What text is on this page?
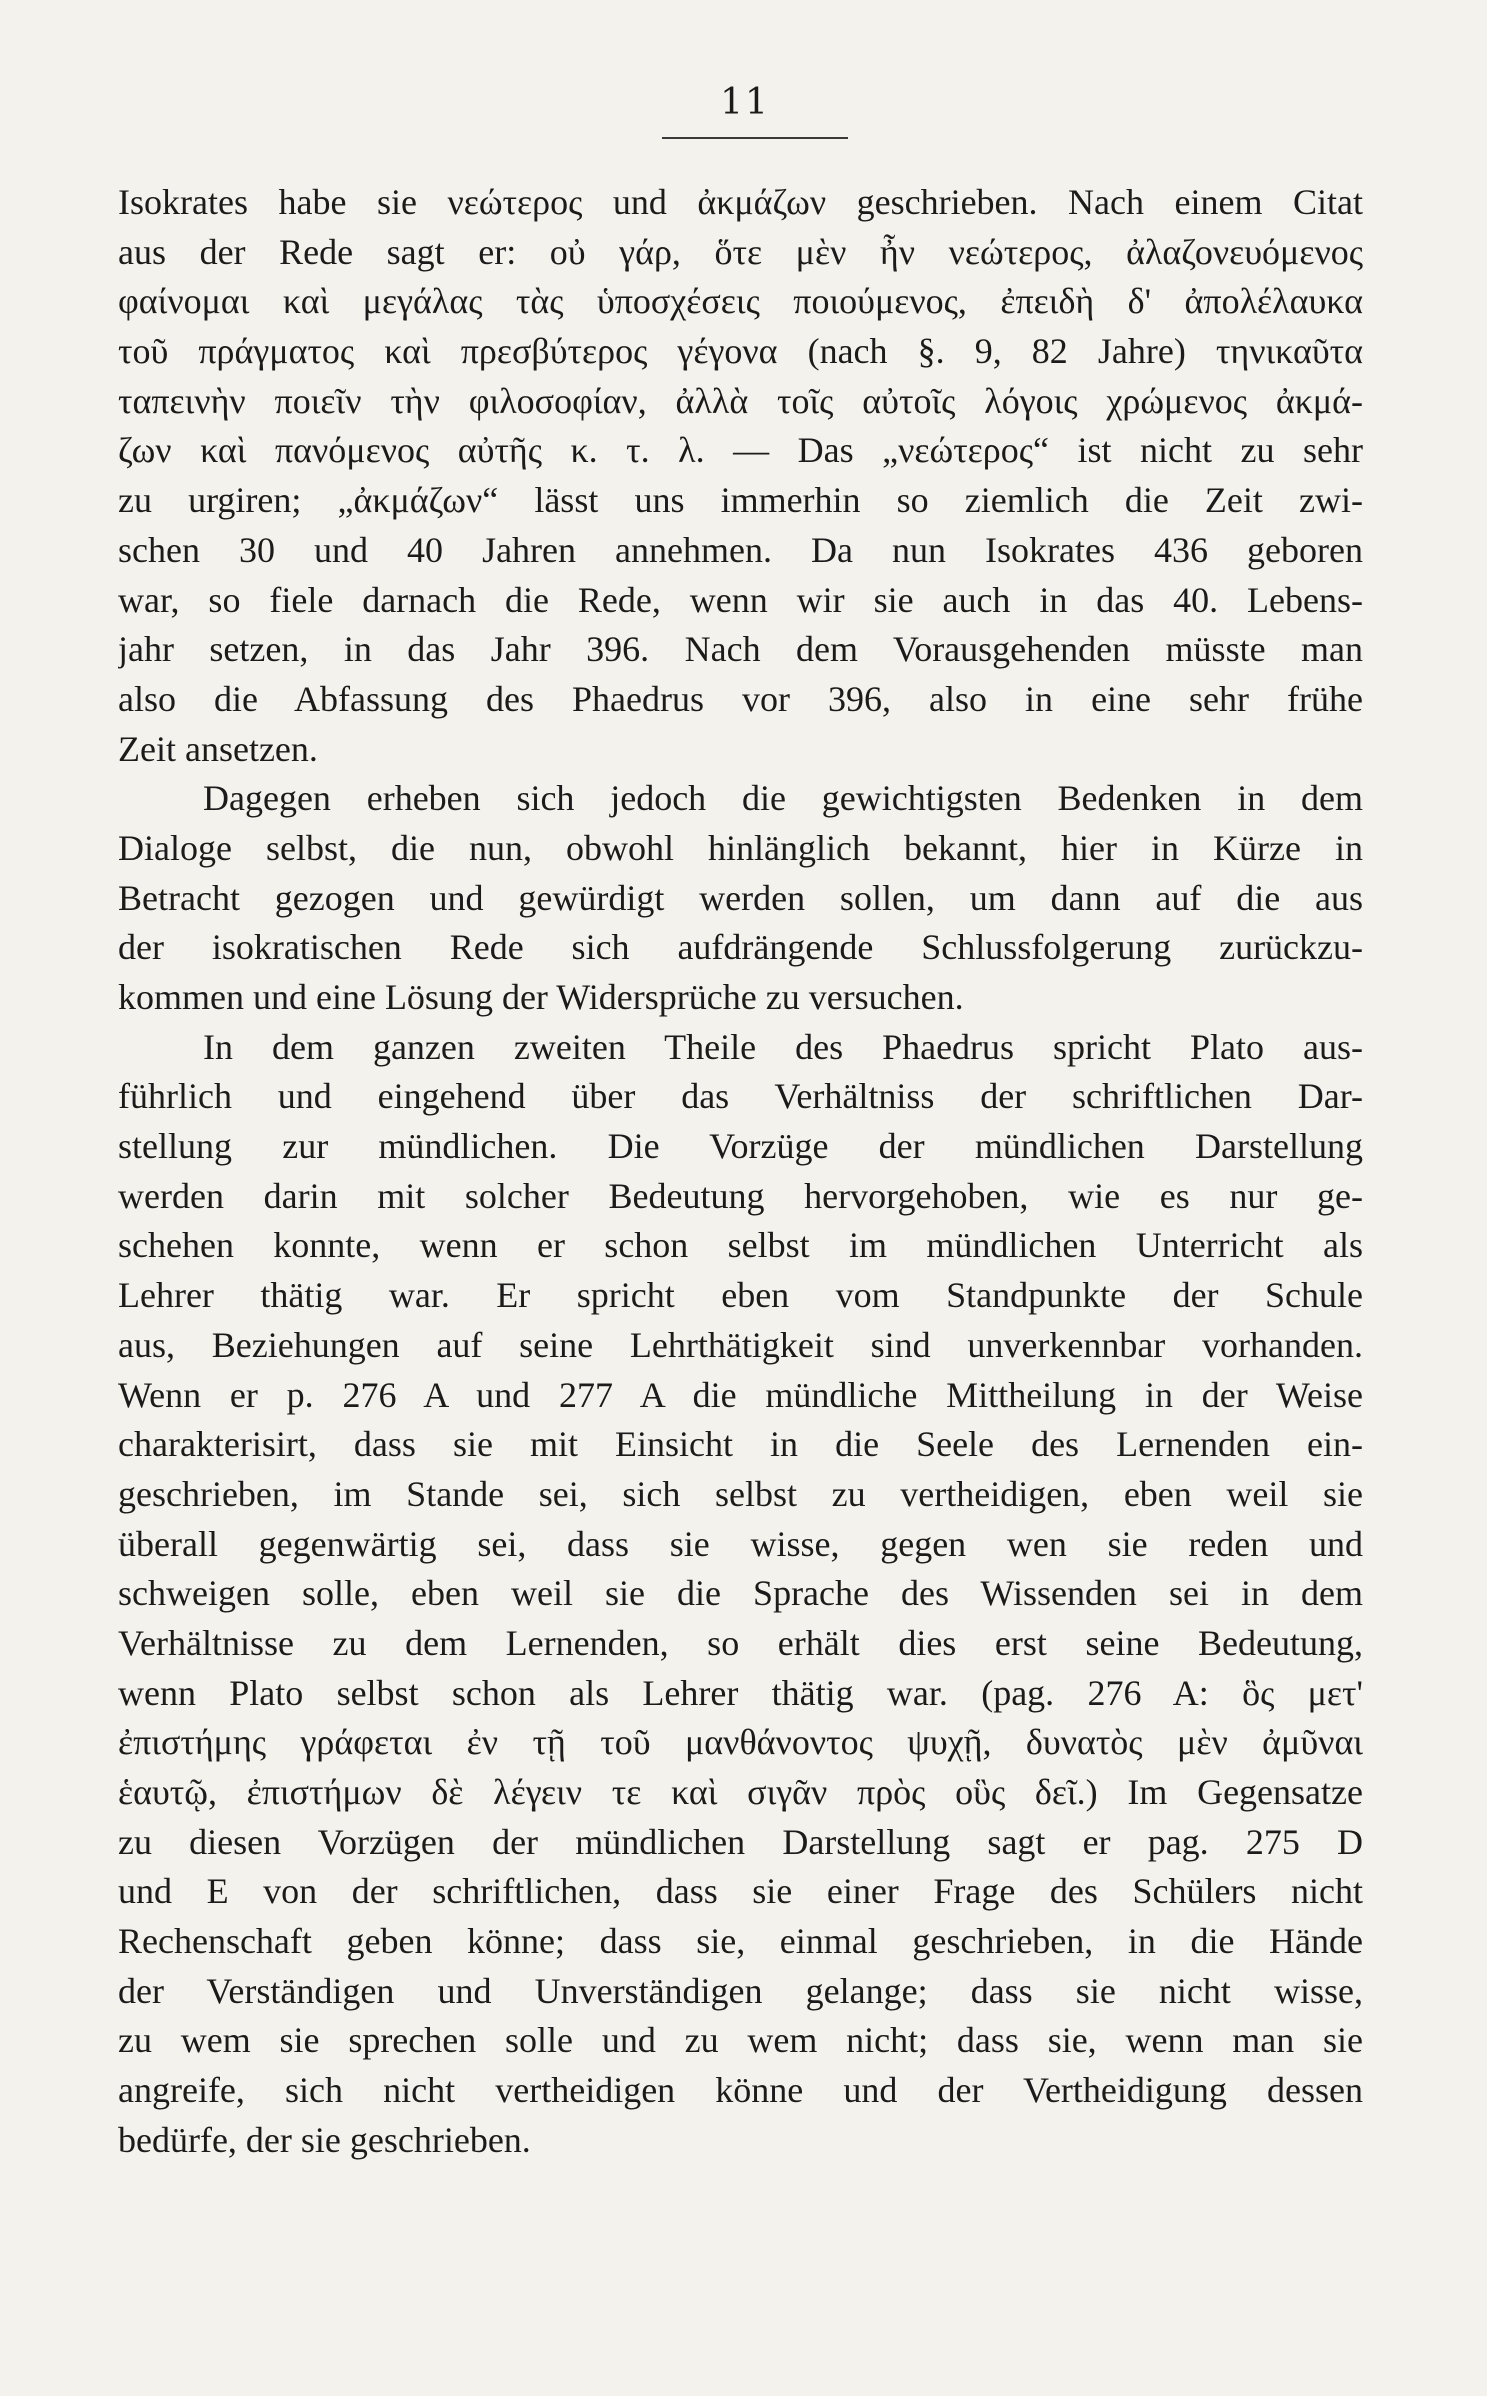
11
Isokrates habe sie νεώτερος und ἀκμάζων geschrieben. Nach einem Citat
aus der Rede sagt er: οὐ γάρ, ὅτε μὲν ἦν νεώτερος, ἀλαζονευόμενος
φαίνομαι καὶ μεγάλας τὰς ὑποσχέσεις ποιούμενος, ἐπειδὴ δ' ἀπολέλαυκα
τοῦ πράγματος καὶ πρεσβύτερος γέγονα (nach §. 9, 82 Jahre) τηνικαῦτα
ταπεινὴν ποιεῖν τὴν φιλοσοφίαν, ἀλλὰ τοῖς αὐτοῖς λόγοις χρώμενος ἀκμά-
ζων καὶ πανόμενος αὐτῆς κ. τ. λ. — Das „νεώτερος“ ist nicht zu sehr
zu urgiren; „ἀκμάζων“ lässt uns immerhin so ziemlich die Zeit zwi-
schen 30 und 40 Jahren annehmen. Da nun Isokrates 436 geboren
war, so fiele darnach die Rede, wenn wir sie auch in das 40. Lebens-
jahr setzen, in das Jahr 396. Nach dem Vorausgehenden müsste man
also die Abfassung des Phaedrus vor 396, also in eine sehr frühe
Zeit ansetzen.
Dagegen erheben sich jedoch die gewichtigsten Bedenken in dem
Dialoge selbst, die nun, obwohl hinlänglich bekannt, hier in Kürze in
Betracht gezogen und gewürdigt werden sollen, um dann auf die aus
der isokratischen Rede sich aufdrängende Schlussfolgerung zurückzu-
kommen und eine Lösung der Widersprüche zu versuchen.
In dem ganzen zweiten Theile des Phaedrus spricht Plato aus-
führlich und eingehend über das Verhältniss der schriftlichen Dar-
stellung zur mündlichen. Die Vorzüge der mündlichen Darstellung
werden darin mit solcher Bedeutung hervorgehoben, wie es nur ge-
schehen konnte, wenn er schon selbst im mündlichen Unterricht als
Lehrer thätig war. Er spricht eben vom Standpunkte der Schule
aus, Beziehungen auf seine Lehrthätigkeit sind unverkennbar vorhanden.
Wenn er p. 276 A und 277 A die mündliche Mittheilung in der Weise
charakterisirt, dass sie mit Einsicht in die Seele des Lernenden ein-
geschrieben, im Stande sei, sich selbst zu vertheidigen, eben weil sie
überall gegenwärtig sei, dass sie wisse, gegen wen sie reden und
schweigen solle, eben weil sie die Sprache des Wissenden sei in dem
Verhältnisse zu dem Lernenden, so erhält dies erst seine Bedeutung,
wenn Plato selbst schon als Lehrer thätig war. (pag. 276 A: ὃς μετ'
ἐπιστήμης γράφεται ἐν τῇ τοῦ μανθάνοντος ψυχῇ, δυνατὸς μὲν ἀμῦναι
ἑαυτῷ, ἐπιστήμων δὲ λέγειν τε καὶ σιγᾶν πρὸς οὓς δεῖ.) Im Gegensatze
zu diesen Vorzügen der mündlichen Darstellung sagt er pag. 275 D
und E von der schriftlichen, dass sie einer Frage des Schülers nicht
Rechenschaft geben könne; dass sie, einmal geschrieben, in die Hände
der Verständigen und Unverständigen gelange; dass sie nicht wisse,
zu wem sie sprechen solle und zu wem nicht; dass sie, wenn man sie
angreife, sich nicht vertheidigen könne und der Vertheidigung dessen
bedürfe, der sie geschrieben.
